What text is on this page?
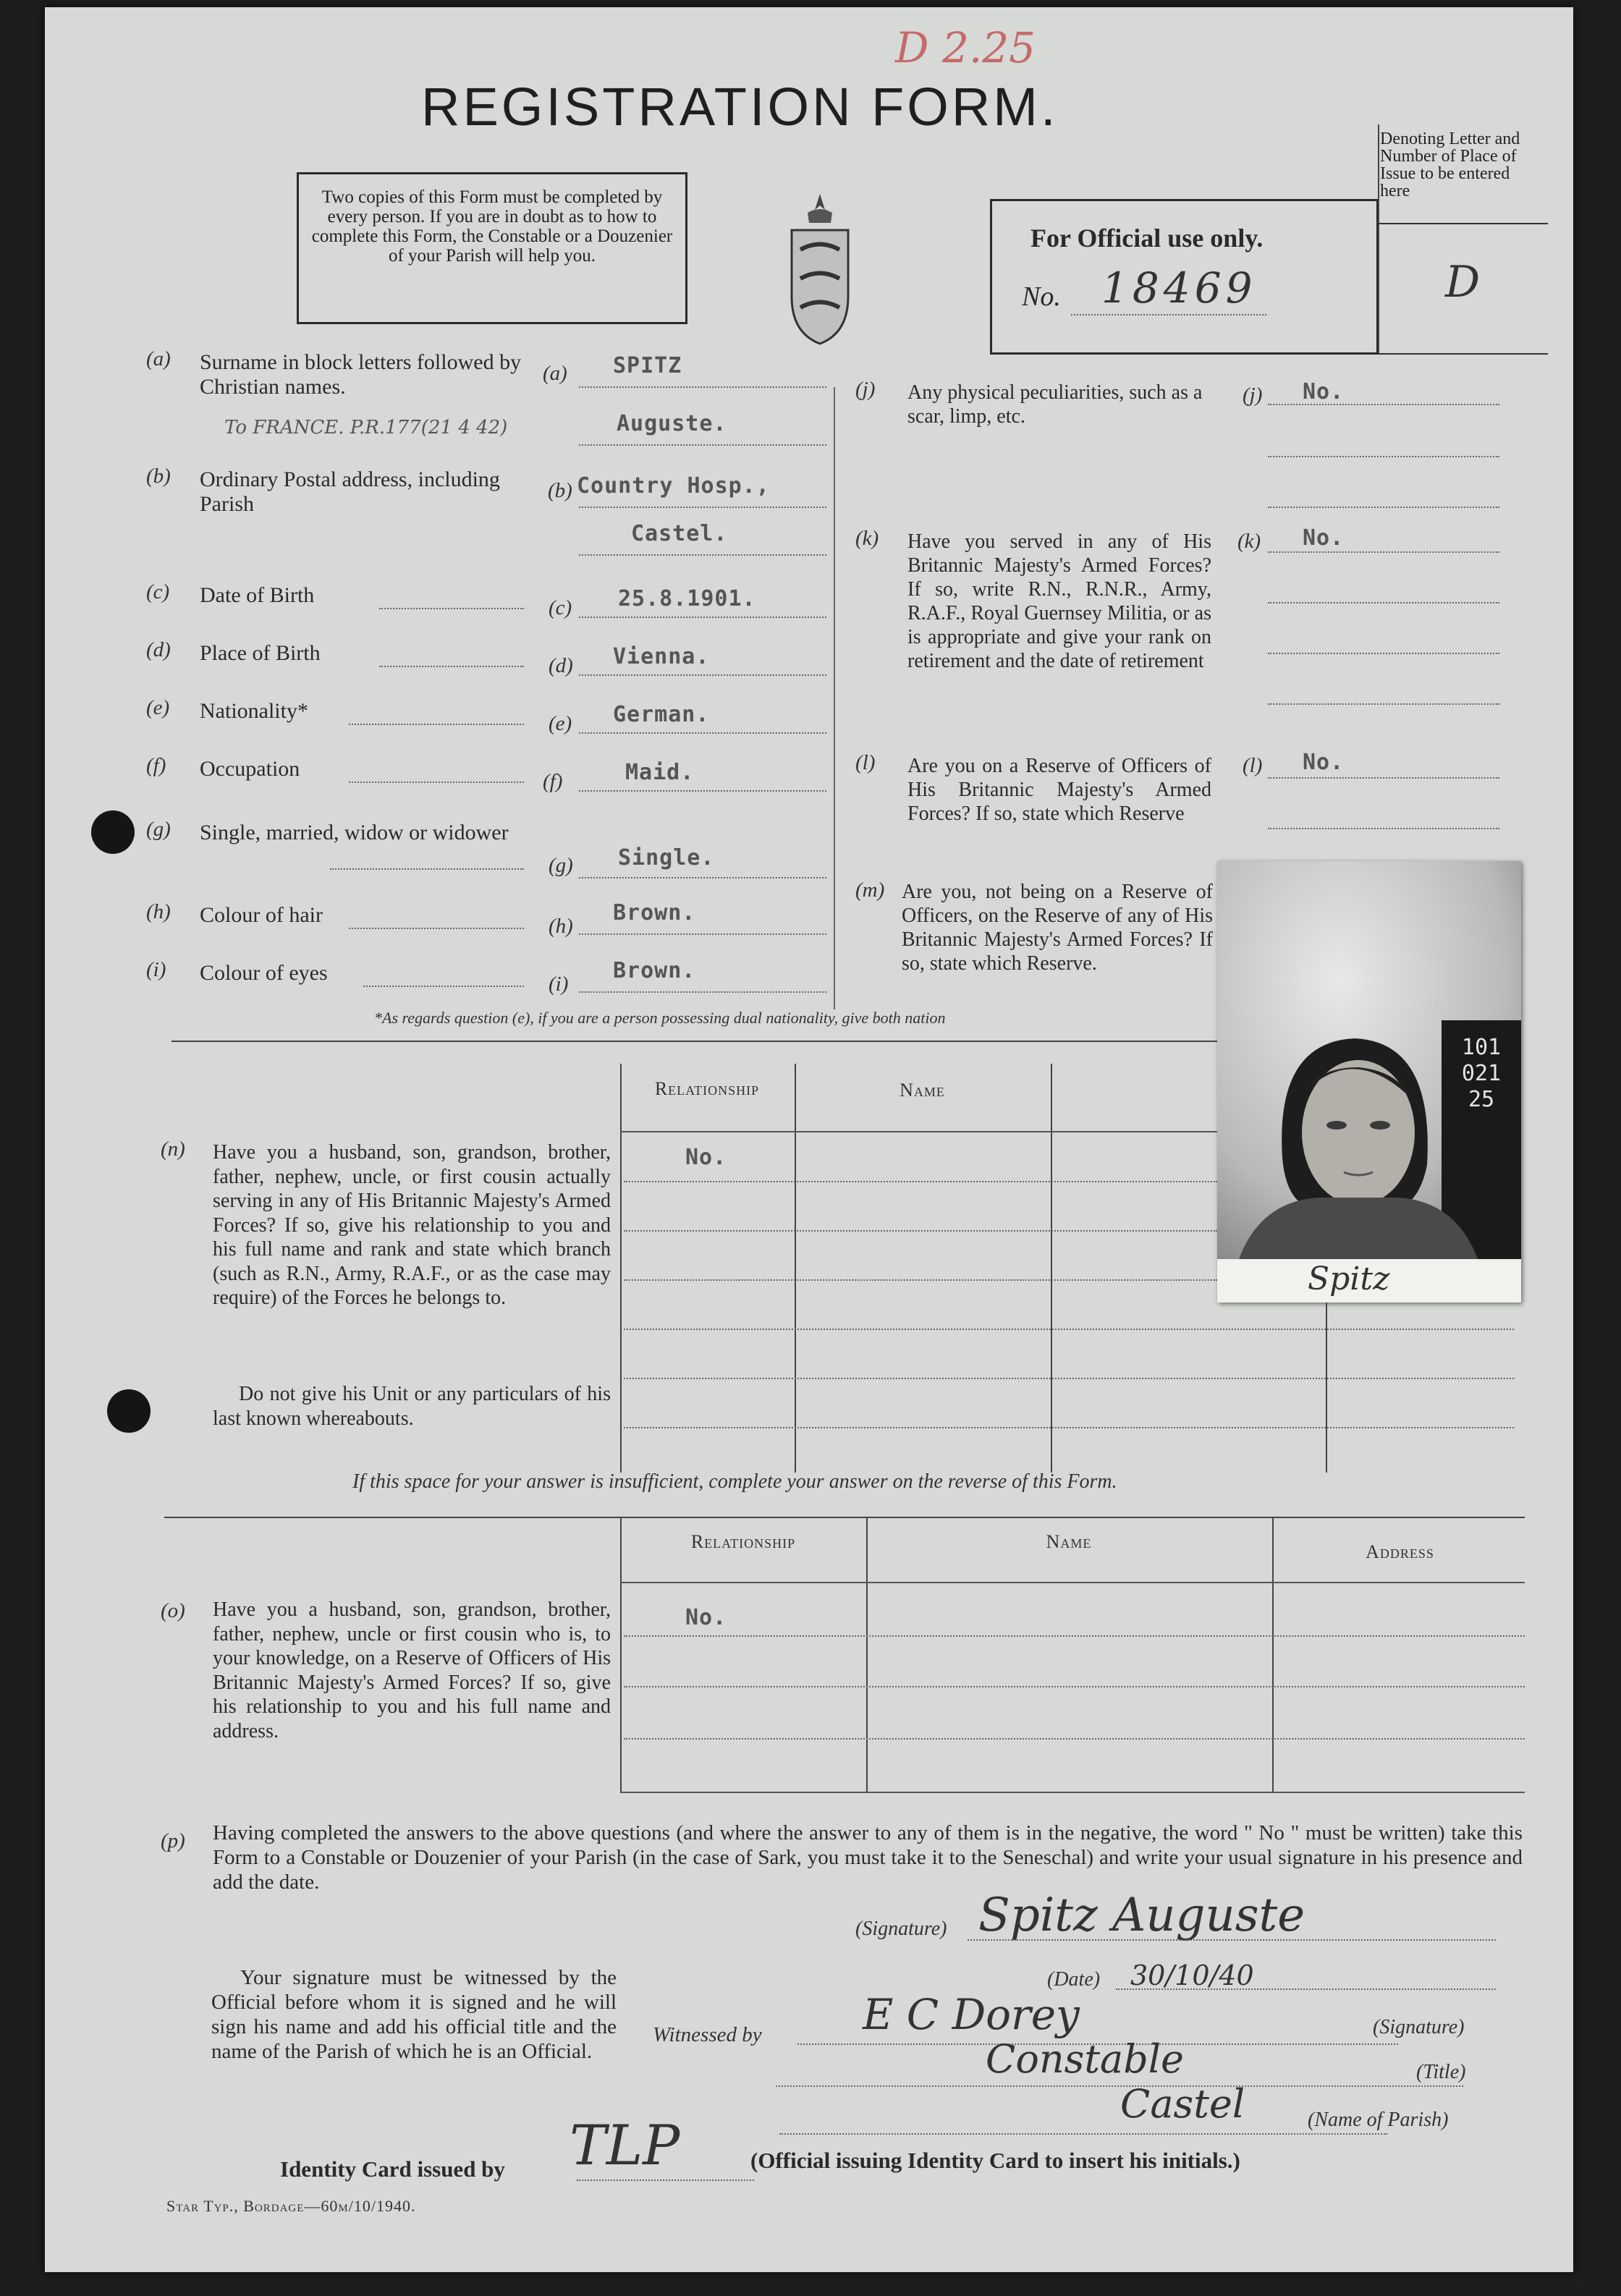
D 2.25
REGISTRATION FORM.
Two copies of this Form must be completed by every person. If you are in doubt as to how to complete this Form, the Constable or a Douzenier of your Parish will help you.
For Official use only.
No. 18469
Denoting Letter and Number of Place of Issue to be entered here
D
(a) Surname in block letters followed by Christian names.
(a) SPITZ
Auguste.
To FRANCE. P.R.177(21 4 42)
(b) Ordinary Postal address, including Parish
(b) Country Hosp.,
Castel.
(c) Date of Birth
(c) 25.8.1901.
(d) Place of Birth
(d) Vienna.
(e) Nationality*
(e) German.
(f) Occupation
(f)	Maid.
(g) Single, married, widow or widower
(g) Single.
(h) Colour of hair	(h)
Brown.
(i) Colour of eyes	(i)
Brown.
(j) Any physical peculiarities, such as a scar, limp, etc.
(j) No.
(k) Have you served in any of His Britannic Majesty's Armed Forces? If so, write R.N., R.N.R., Army, R.A.F., Royal Guernsey Militia, or as is appropriate and give your rank on retirement and the date of retirement
(k) No.
(l) Are you on a Reserve of Officers of His Britannic Majesty's Armed Forces? If so, state which Reserve
(l) No.
(m) Are you, not being on a Reserve of Officers, on the Reserve of any of His Britannic Majesty's Armed Forces? If so, state which Reserve.
*As regards question (e), if you are a person possessing dual nationality, give both nation
10102125
Spitz
Relationship	Name
No.
(n) Have you a husband, son, grandson, brother, father, nephew, uncle, or first cousin actually serving in any of His Britannic Majesty's Armed Forces? If so, give his relationship to you and his full name and rank and state which branch (such as R.N., Army, R.A.F., or as the case may require) of the Forces he belongs to.
Do not give his Unit or any particulars of his last known whereabouts.
If this space for your answer is insufficient, complete your answer on the reverse of this Form.
Relationship	Name	Address
No.
(o) Have you a husband, son, grandson, brother, father, nephew, uncle or first cousin who is, to your knowledge, on a Reserve of Officers of His Britannic Majesty's Armed Forces? If so, give his relationship to you and his full name and address.
(p) Having completed the answers to the above questions (and where the answer to any of them is in the negative, the word " No " must be written) take this Form to a Constable or Douzenier of your Parish (in the case of Sark, you must take it to the Seneschal) and write your usual signature in his presence and add the date.
(Signature) Spitz Auguste
(Date) 30/10/40
Your signature must be witnessed by the Official before whom it is signed and he will sign his name and add his official title and the name of the Parish of which he is an Official.
Witnessed by E C Dorey	(Signature)
Constable	(Title)
Castel	(Name of Parish)
Identity Card issued by TLP	(Official issuing Identity Card to insert his initials.)
Star Typ., Bordage—60m/10/1940.
